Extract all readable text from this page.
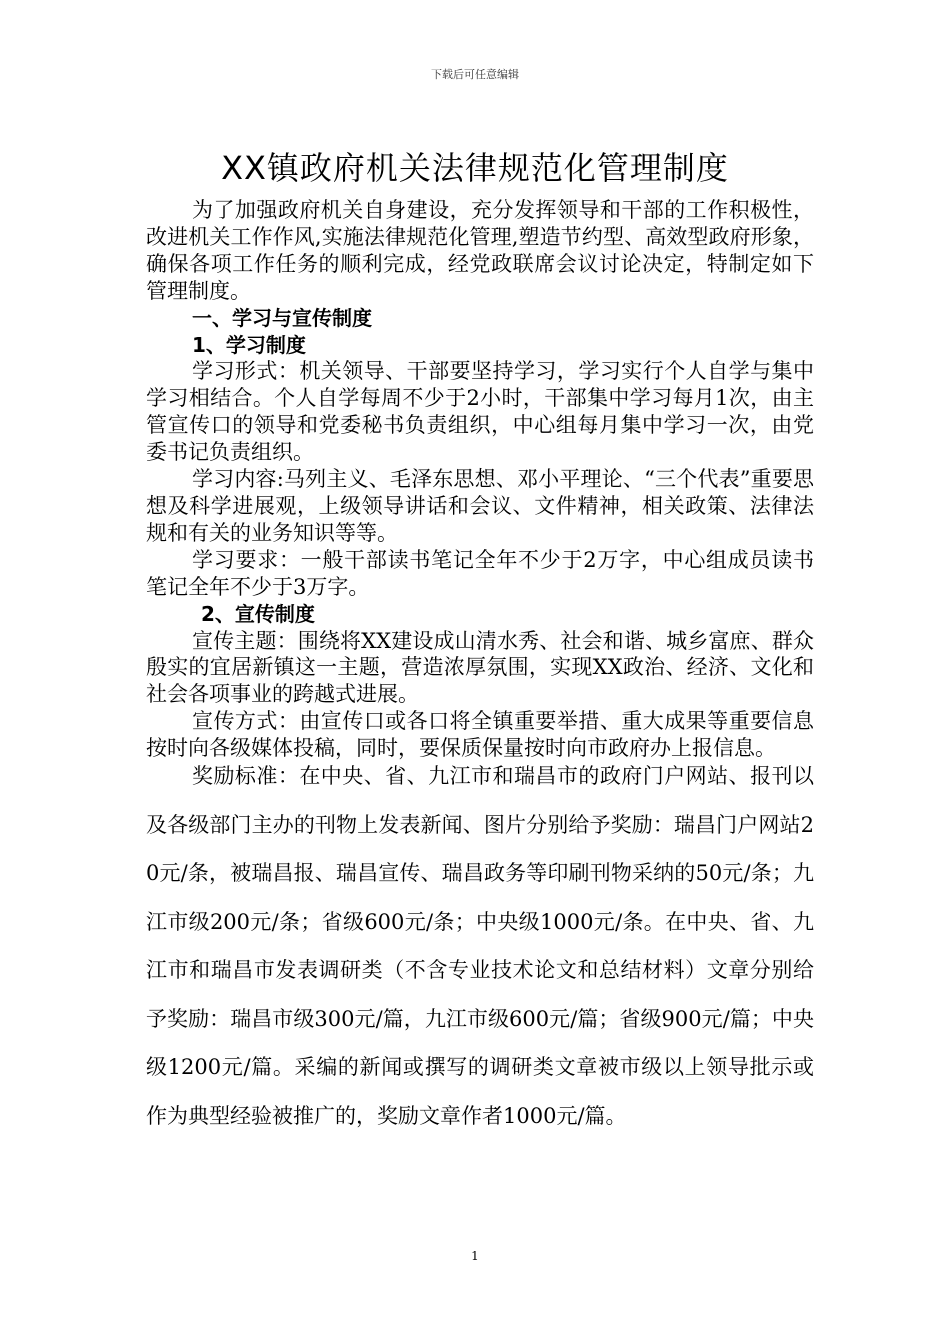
下载后可任意编辑
XX镇政府机关法律规范化管理制度

为了加强政府机关自身建设，充分发挥领导和干部的工作积极性，改进机关工作作风,实施法律规范化管理,塑造节约型、高效型政府形象，确保各项工作任务的顺利完成，经党政联席会议讨论决定，特制定如下管理制度。

一、学习与宣传制度

1、学习制度

学习形式：机关领导、干部要坚持学习，学习实行个人自学与集中学习相结合。个人自学每周不少于2小时，干部集中学习每月1次，由主管宣传口的领导和党委秘书负责组织，中心组每月集中学习一次，由党委书记负责组织。

学习内容:马列主义、毛泽东思想、邓小平理论、“三个代表”重要思想及科学进展观，上级领导讲话和会议、文件精神，相关政策、法律法规和有关的业务知识等等。

学习要求：一般干部读书笔记全年不少于2万字，中心组成员读书笔记全年不少于3万字。

2、宣传制度

宣传主题：围绕将XX建设成山清水秀、社会和谐、城乡富庶、群众殷实的宜居新镇这一主题，营造浓厚氛围，实现XX政治、经济、文化和社会各项事业的跨越式进展。

宣传方式：由宣传口或各口将全镇重要举措、重大成果等重要信息按时向各级媒体投稿，同时，要保质保量按时向市政府办上报信息。

奖励标准：在中央、省、九江市和瑞昌市的政府门户网站、报刊以及各级部门主办的刊物上发表新闻、图片分别给予奖励：瑞昌门户网站20元/条，被瑞昌报、瑞昌宣传、瑞昌政务等印刷刊物采纳的50元/条；九江市级200元/条；省级600元/条；中央级1000元/条。在中央、省、九江市和瑞昌市发表调研类（不含专业技术论文和总结材料）文章分别给予奖励：瑞昌市级300元/篇，九江市级600元/篇；省级900元/篇；中央级1200元/篇。采编的新闻或撰写的调研类文章被市级以上领导批示或作为典型经验被推广的，奖励文章作者1000元/篇。

1
